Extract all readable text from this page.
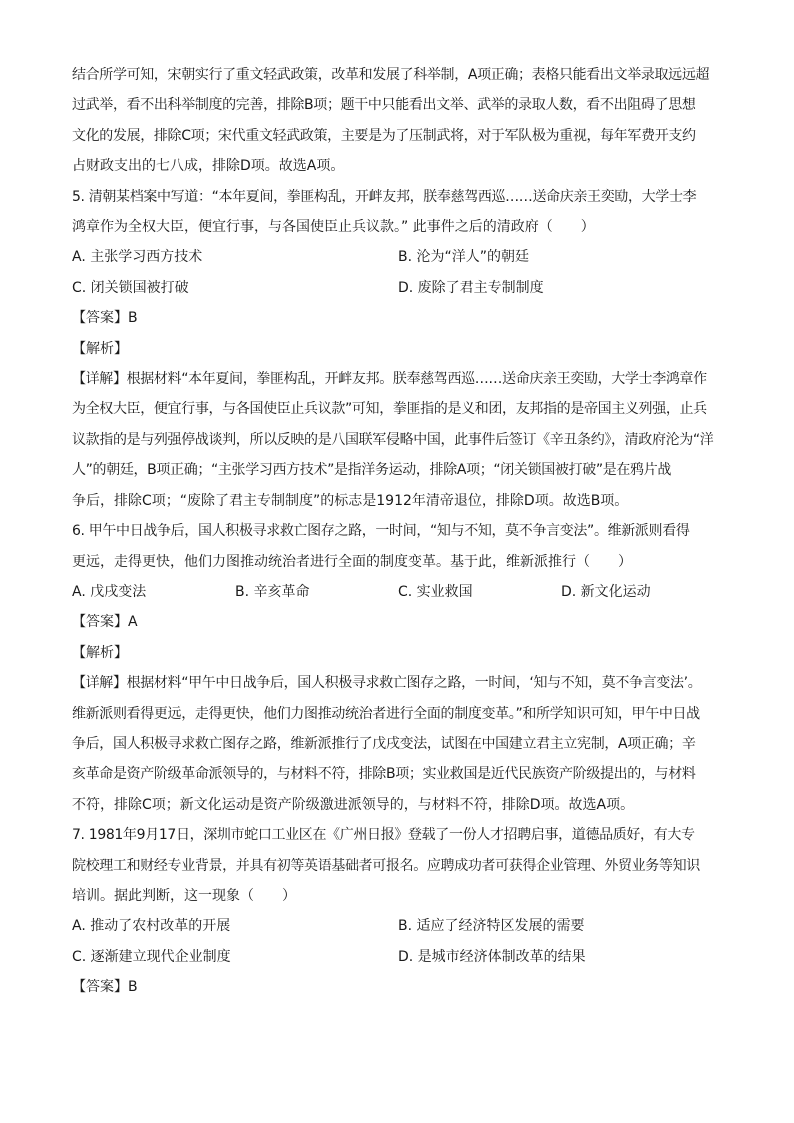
结合所学可知，宋朝实行了重文轻武政策，改革和发展了科举制，A项正确；表格只能看出文举录取远远超

过武举，看不出科举制度的完善，排除B项；题干中只能看出文举、武举的录取人数，看不出阻碍了思想

文化的发展，排除C项；宋代重文轻武政策，主要是为了压制武将，对于军队极为重视，每年军费开支约

占财政支出的七八成，排除D项。故选A项。

5. 清朝某档案中写道：“本年夏间，拳匪构乱，开衅友邦，朕奉慈驾西巡……送命庆亲王奕劻，大学士李

鸿章作为全权大臣，便宜行事，与各国使臣止兵议款。” 此事件之后的清政府（　　）

A. 主张学习西方技术	B. 沦为“洋人”的朝廷
C. 闭关锁国被打破	D. 废除了君主专制制度

【答案】B

【解析】

【详解】根据材料“本年夏间，拳匪构乱，开衅友邦。朕奉慈驾西巡……送命庆亲王奕劻，大学士李鸿章作

为全权大臣，便宜行事，与各国使臣止兵议款”可知，拳匪指的是义和团，友邦指的是帝国主义列强，止兵

议款指的是与列强停战谈判，所以反映的是八国联军侵略中国，此事件后签订《辛丑条约》，清政府沦为“洋

人”的朝廷，B项正确；“主张学习西方技术”是指洋务运动，排除A项；“闭关锁国被打破”是在鸦片战

争后，排除C项；“废除了君主专制制度”的标志是1912年清帝退位，排除D项。故选B项。

6. 甲午中日战争后，国人积极寻求救亡图存之路，一时间，“知与不知，莫不争言变法”。维新派则看得

更远，走得更快，他们力图推动统治者进行全面的制度变革。基于此，维新派推行（　　）

A. 戊戌变法	B. 辛亥革命	C. 实业救国	D. 新文化运动

【答案】A

【解析】

【详解】根据材料“甲午中日战争后，国人积极寻求救亡图存之路，一时间，‘知与不知，莫不争言变法’。

维新派则看得更远，走得更快，他们力图推动统治者进行全面的制度变革。”和所学知识可知，甲午中日战

争后，国人积极寻求救亡图存之路，维新派推行了戊戌变法，试图在中国建立君主立宪制，A项正确；辛

亥革命是资产阶级革命派领导的，与材料不符，排除B项；实业救国是近代民族资产阶级提出的，与材料

不符，排除C项；新文化运动是资产阶级激进派领导的，与材料不符，排除D项。故选A项。

7. 1981年9月17日，深圳市蛇口工业区在《广州日报》登载了一份人才招聘启事，道德品质好，有大专

院校理工和财经专业背景，并具有初等英语基础者可报名。应聘成功者可获得企业管理、外贸业务等知识

培训。据此判断，这一现象（　　）

A. 推动了农村改革的开展	B. 适应了经济特区发展的需要
C. 逐渐建立现代企业制度	D. 是城市经济体制改革的结果

【答案】B
